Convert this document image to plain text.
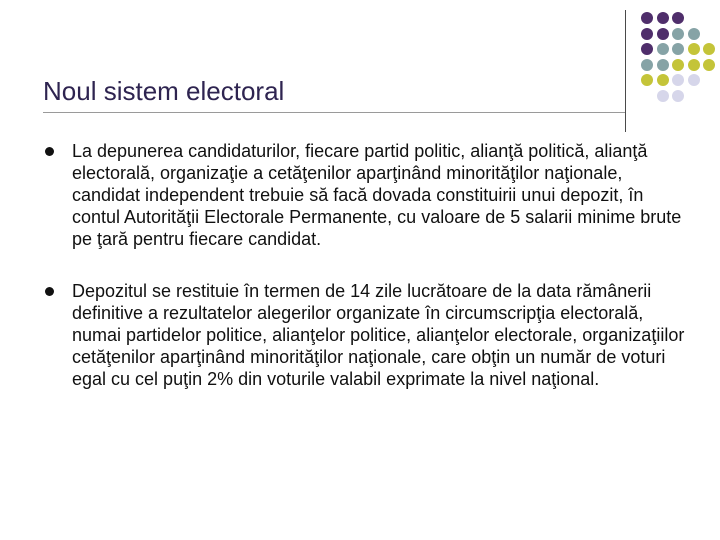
Noul sistem electoral
La depunerea candidaturilor, fiecare partid politic, alianţă politică, alianţă electorală, organizaţie a cetăţenilor aparţinând minorităţilor naţionale, candidat independent trebuie să facă dovada constituirii unui depozit, în contul Autorităţii Electorale Permanente, cu valoare de 5 salarii minime brute pe ţară pentru fiecare candidat.
Depozitul se restituie în termen de 14 zile lucrătoare de la data rămânerii definitive a rezultatelor alegerilor organizate în circumscripţia electorală, numai partidelor politice, alianţelor politice, alianţelor electorale, organizaţiilor cetăţenilor aparţinând minorităţilor naţionale, care obţin un număr de voturi egal cu cel puţin 2% din voturile valabil exprimate la nivel naţional.
